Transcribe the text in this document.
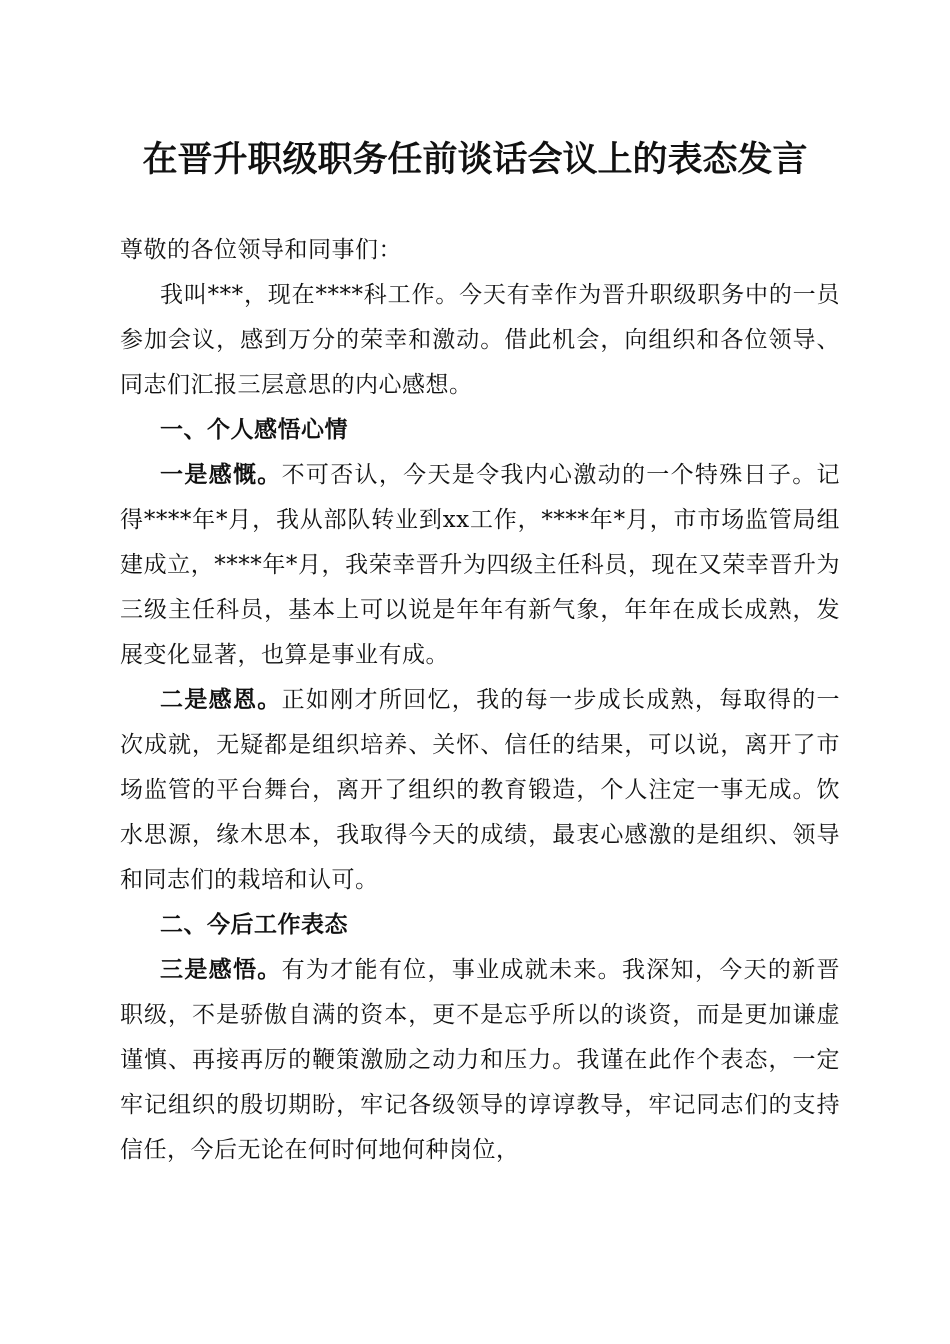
在晋升职级职务任前谈话会议上的表态发言

尊敬的各位领导和同事们：

我叫***，现在****科工作。今天有幸作为晋升职级职务中的一员参加会议，感到万分的荣幸和激动。借此机会，向组织和各位领导、同志们汇报三层意思的内心感想。

一、个人感悟心情

一是感慨。不可否认，今天是令我内心激动的一个特殊日子。记得****年*月，我从部队转业到xx工作，****年*月，市市场监管局组建成立，****年*月，我荣幸晋升为四级主任科员，现在又荣幸晋升为三级主任科员，基本上可以说是年年有新气象，年年在成长成熟，发展变化显著，也算是事业有成。

二是感恩。正如刚才所回忆，我的每一步成长成熟，每取得的一次成就，无疑都是组织培养、关怀、信任的结果，可以说，离开了市场监管的平台舞台，离开了组织的教育锻造，个人注定一事无成。饮水思源，缘木思本，我取得今天的成绩，最衷心感激的是组织、领导和同志们的栽培和认可。

二、今后工作表态

三是感悟。有为才能有位，事业成就未来。我深知，今天的新晋职级，不是骄傲自满的资本，更不是忘乎所以的谈资，而是更加谦虚谨慎、再接再厉的鞭策激励之动力和压力。我谨在此作个表态，一定牢记组织的殷切期盼，牢记各级领导的谆谆教导，牢记同志们的支持信任，今后无论在何时何地何种岗位，
